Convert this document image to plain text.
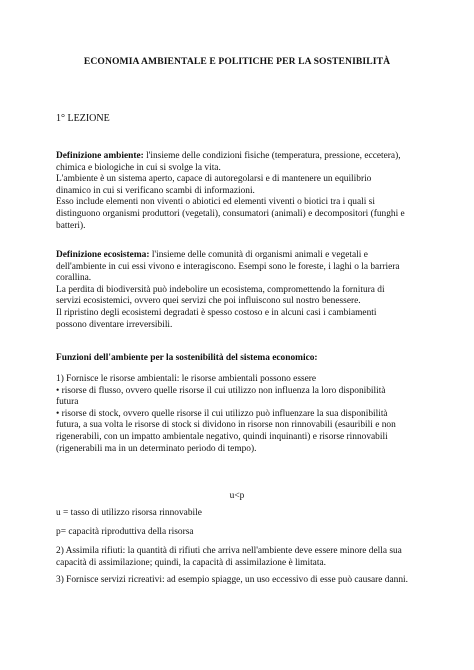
ECONOMIA AMBIENTALE E POLITICHE PER LA SOSTENIBILITÀ
1° LEZIONE

Definizione ambiente: l'insieme delle condizioni fisiche (temperatura, pressione, eccetera),

chimica e biologiche in cui si svolge la vita.

L'ambiente è un sistema aperto, capace di autoregolarsi e di mantenere un equilibrio

dinamico in cui si verificano scambi di informazioni.

Esso include elementi non viventi o abiotici ed elementi viventi o biotici tra i quali si

distinguono organismi produttori (vegetali), consumatori (animali) e decompositori (funghi e

batteri).

Definizione ecosistema: l'insieme delle comunità di organismi animali e vegetali e

dell'ambiente in cui essi vivono e interagiscono. Esempi sono le foreste, i laghi o la barriera

corallina.

La perdita di biodiversità può indebolire un ecosistema, compromettendo la fornitura di

servizi ecosistemici, ovvero quei servizi che poi influiscono sul nostro benessere.

Il ripristino degli ecosistemi degradati è spesso costoso e in alcuni casi i cambiamenti

possono diventare irreversibili.

Funzioni dell'ambiente per la sostenibilità del sistema economico:

1) Fornisce le risorse ambientali: le risorse ambientali possono essere

• risorse di flusso, ovvero quelle risorse il cui utilizzo non influenza la loro disponibilità

futura

• risorse di stock, ovvero quelle risorse il cui utilizzo può influenzare la sua disponibilità

futura, a sua volta le risorse di stock si dividono in risorse non rinnovabili (esauribili e non

rigenerabili, con un impatto ambientale negativo, quindi inquinanti) e risorse rinnovabili

(rigenerabili ma in un determinato periodo di tempo).

u<p
u = tasso di utilizzo risorsa rinnovabile
p= capacità riproduttiva della risorsa

2) Assimila rifiuti: la quantità di rifiuti che arriva nell'ambiente deve essere minore della sua

capacità di assimilazione; quindi, la capacità di assimilazione è limitata.

3) Fornisce servizi ricreativi: ad esempio spiagge, un uso eccessivo di esse può causare danni.
